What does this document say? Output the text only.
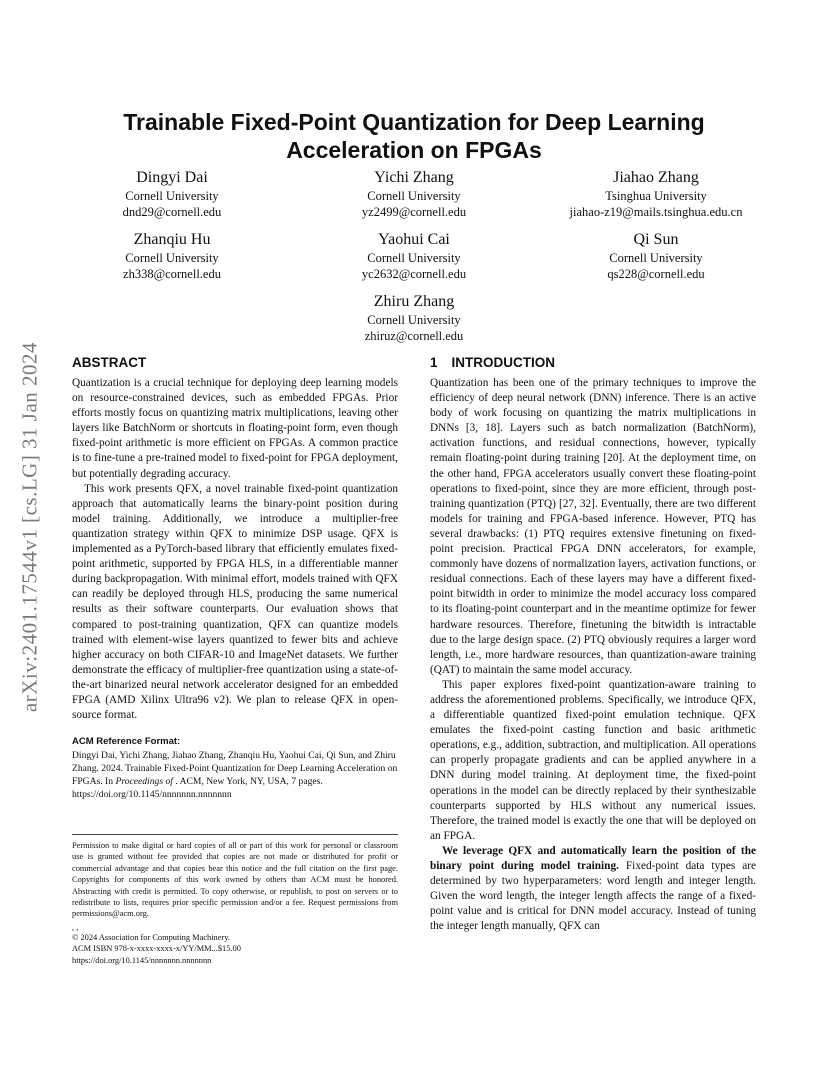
arXiv:2401.17544v1 [cs.LG] 31 Jan 2024
Trainable Fixed-Point Quantization for Deep Learning
Acceleration on FPGAs
Dingyi Dai
Cornell University
dnd29@cornell.edu
Yichi Zhang
Cornell University
yz2499@cornell.edu
Jiahao Zhang
Tsinghua University
jiahao-z19@mails.tsinghua.edu.cn
Zhanqiu Hu
Cornell University
zh338@cornell.edu
Yaohui Cai
Cornell University
yc2632@cornell.edu
Qi Sun
Cornell University
qs228@cornell.edu
Zhiru Zhang
Cornell University
zhiruz@cornell.edu
ABSTRACT

Quantization is a crucial technique for deploying deep learning models on resource-constrained devices, such as embedded FPGAs. Prior efforts mostly focus on quantizing matrix multiplications, leaving other layers like BatchNorm or shortcuts in floating-point form, even though fixed-point arithmetic is more efficient on FPGAs. A common practice is to fine-tune a pre-trained model to fixed-point for FPGA deployment, but potentially degrading accuracy.

This work presents QFX, a novel trainable fixed-point quantization approach that automatically learns the binary-point position during model training. Additionally, we introduce a multiplier-free quantization strategy within QFX to minimize DSP usage. QFX is implemented as a PyTorch-based library that efficiently emulates fixed-point arithmetic, supported by FPGA HLS, in a differentiable manner during backpropagation. With minimal effort, models trained with QFX can readily be deployed through HLS, producing the same numerical results as their software counterparts. Our evaluation shows that compared to post-training quantization, QFX can quantize models trained with element-wise layers quantized to fewer bits and achieve higher accuracy on both CIFAR-10 and ImageNet datasets. We further demonstrate the efficacy of multiplier-free quantization using a state-of-the-art binarized neural network accelerator designed for an embedded FPGA (AMD Xilinx Ultra96 v2). We plan to release QFX in open-source format.

ACM Reference Format:
Dingyi Dai, Yichi Zhang, Jiahao Zhang, Zhanqiu Hu, Yaohui Cai, Qi Sun, and Zhiru Zhang. 2024. Trainable Fixed-Point Quantization for Deep Learning Acceleration on FPGAs. In Proceedings of . ACM, New York, NY, USA, 7 pages. https://doi.org/10.1145/nnnnnnn.nnnnnnn

Permission to make digital or hard copies of all or part of this work for personal or classroom use is granted without fee provided that copies are not made or distributed for profit or commercial advantage and that copies bear this notice and the full citation on the first page. Copyrights for components of this work owned by others than ACM must be honored. Abstracting with credit is permitted. To copy otherwise, or republish, to post on servers or to redistribute to lists, requires prior specific permission and/or a fee. Request permissions from permissions@acm.org.

, ,
© 2024 Association for Computing Machinery.
ACM ISBN 978-x-xxxx-xxxx-x/YY/MM...$15.00
https://doi.org/10.1145/nnnnnnn.nnnnnnn
1 INTRODUCTION

Quantization has been one of the primary techniques to improve the efficiency of deep neural network (DNN) inference. There is an active body of work focusing on quantizing the matrix multiplications in DNNs [3, 18]. Layers such as batch normalization (BatchNorm), activation functions, and residual connections, however, typically remain floating-point during training [20]. At the deployment time, on the other hand, FPGA accelerators usually convert these floating-point operations to fixed-point, since they are more efficient, through post-training quantization (PTQ) [27, 32]. Eventually, there are two different models for training and FPGA-based inference. However, PTQ has several drawbacks: (1) PTQ requires extensive finetuning on fixed-point precision. Practical FPGA DNN accelerators, for example, commonly have dozens of normalization layers, activation functions, or residual connections. Each of these layers may have a different fixed-point bitwidth in order to minimize the model accuracy loss compared to its floating-point counterpart and in the meantime optimize for fewer hardware resources. Therefore, finetuning the bitwidth is intractable due to the large design space. (2) PTQ obviously requires a larger word length, i.e., more hardware resources, than quantization-aware training (QAT) to maintain the same model accuracy.

This paper explores fixed-point quantization-aware training to address the aforementioned problems. Specifically, we introduce QFX, a differentiable quantized fixed-point emulation technique. QFX emulates the fixed-point casting function and basic arithmetic operations, e.g., addition, subtraction, and multiplication. All operations can properly propagate gradients and can be applied anywhere in a DNN during model training. At deployment time, the fixed-point operations in the model can be directly replaced by their synthesizable counterparts supported by HLS without any numerical issues. Therefore, the trained model is exactly the one that will be deployed on an FPGA.

We leverage QFX and automatically learn the position of the binary point during model training. Fixed-point data types are determined by two hyperparameters: word length and integer length. Given the word length, the integer length affects the range of a fixed-point value and is critical for DNN model accuracy. Instead of tuning the integer length manually, QFX can
